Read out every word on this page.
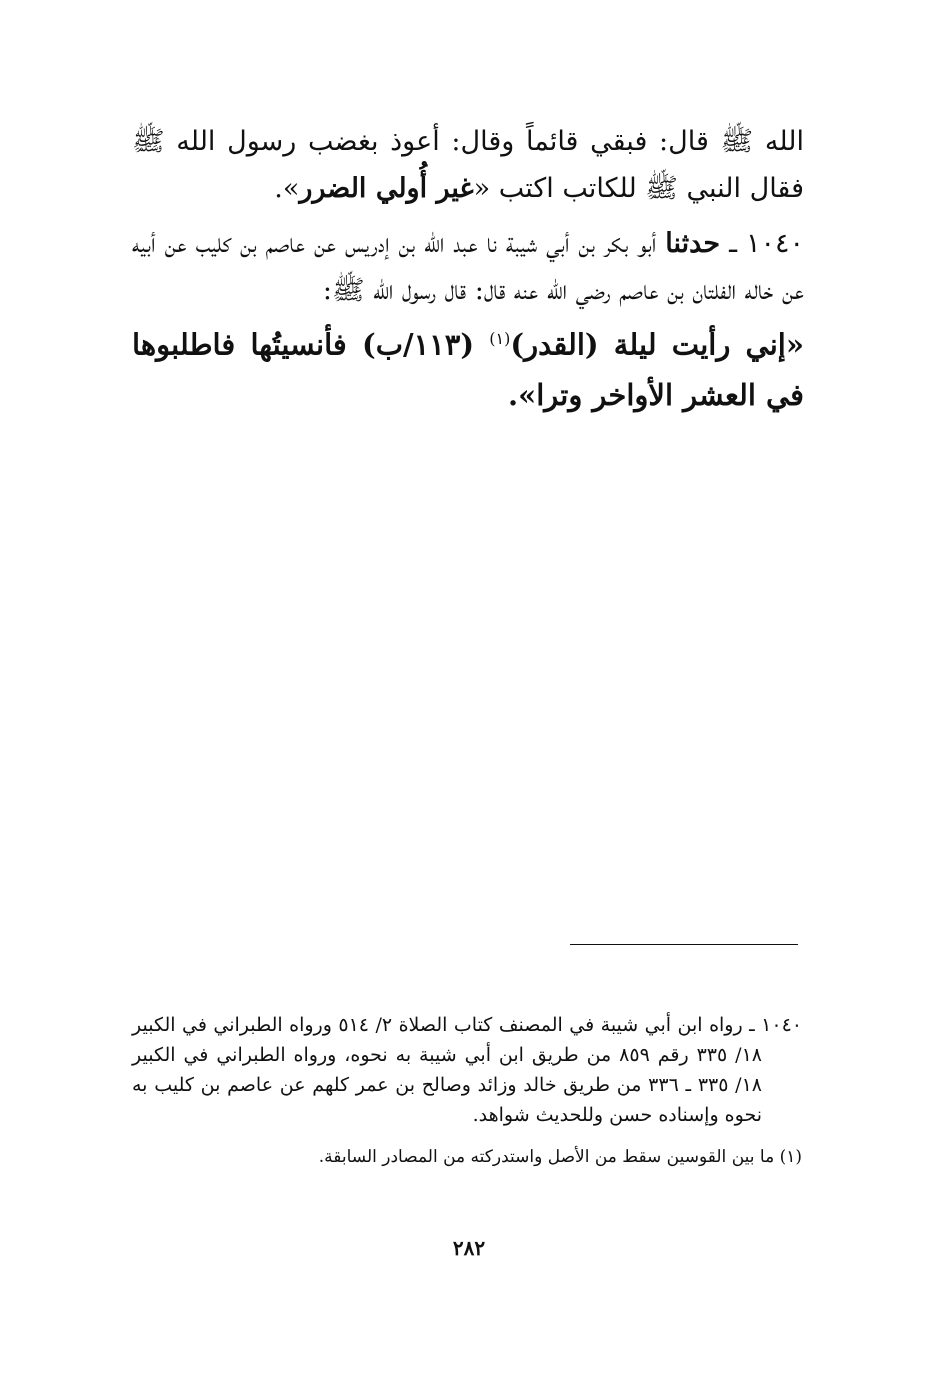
الله ﷺ قال: فبقي قائماً وقال: أعوذ بغضب رسول الله ﷺ فقال النبي ﷺ للكاتب اكتب «غير أُولي الضرر».

١٠٤٠ ـ حدثنا أبو بكر بن أبي شيبة نا عبد الله بن إدريس عن عاصم بن كليب عن أبيه عن خاله الفلتان بن عاصم رضي الله عنه قال: قال رسول الله ﷺ:

«إني رأيت ليلة (القدر)$^{(١)}$ (١١٣/ب) فأنسيتُها فاطلبوها في العشر الأواخر وترا».

١٠٤٠ ـ رواه ابن أبي شيبة في المصنف كتاب الصلاة ٢/ ٥١٤ ورواه الطبراني في الكبير ١٨/ ٣٣٥ رقم ٨٥٩ من طريق ابن أبي شيبة به نحوه، ورواه الطبراني في الكبير ١٨/ ٣٣٥ ـ ٣٣٦ من طريق خالد وزائد وصالح بن عمر كلهم عن عاصم بن كليب به نحوه وإسناده حسن وللحديث شواهد.

(١) ما بين القوسين سقط من الأصل واستدركته من المصادر السابقة.

٢٨٢
